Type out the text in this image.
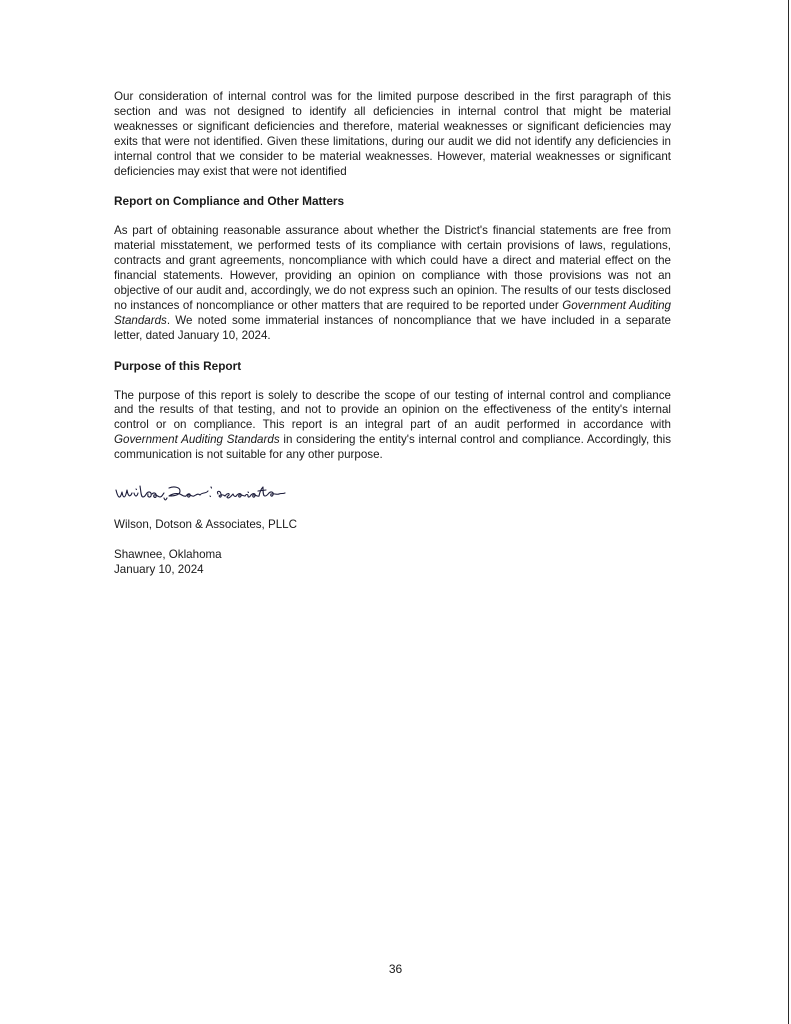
Our consideration of internal control was for the limited purpose described in the first paragraph of this section and was not designed to identify all deficiencies in internal control that might be material weaknesses or significant deficiencies and therefore, material weaknesses or significant deficiencies may exits that were not identified. Given these limitations, during our audit we did not identify any deficiencies in internal control that we consider to be material weaknesses. However, material weaknesses or significant deficiencies may exist that were not identified

Report on Compliance and Other Matters

As part of obtaining reasonable assurance about whether the District's financial statements are free from material misstatement, we performed tests of its compliance with certain provisions of laws, regulations, contracts and grant agreements, noncompliance with which could have a direct and material effect on the financial statements. However, providing an opinion on compliance with those provisions was not an objective of our audit and, accordingly, we do not express such an opinion. The results of our tests disclosed no instances of noncompliance or other matters that are required to be reported under Government Auditing Standards. We noted some immaterial instances of noncompliance that we have included in a separate letter, dated January 10, 2024.

Purpose of this Report

The purpose of this report is solely to describe the scope of our testing of internal control and compliance and the results of that testing, and not to provide an opinion on the effectiveness of the entity's internal control or on compliance. This report is an integral part of an audit performed in accordance with Government Auditing Standards in considering the entity's internal control and compliance. Accordingly, this communication is not suitable for any other purpose.

Wilson, Dotson & Associates, PLLC

Shawnee, Oklahoma

January 10, 2024

36
